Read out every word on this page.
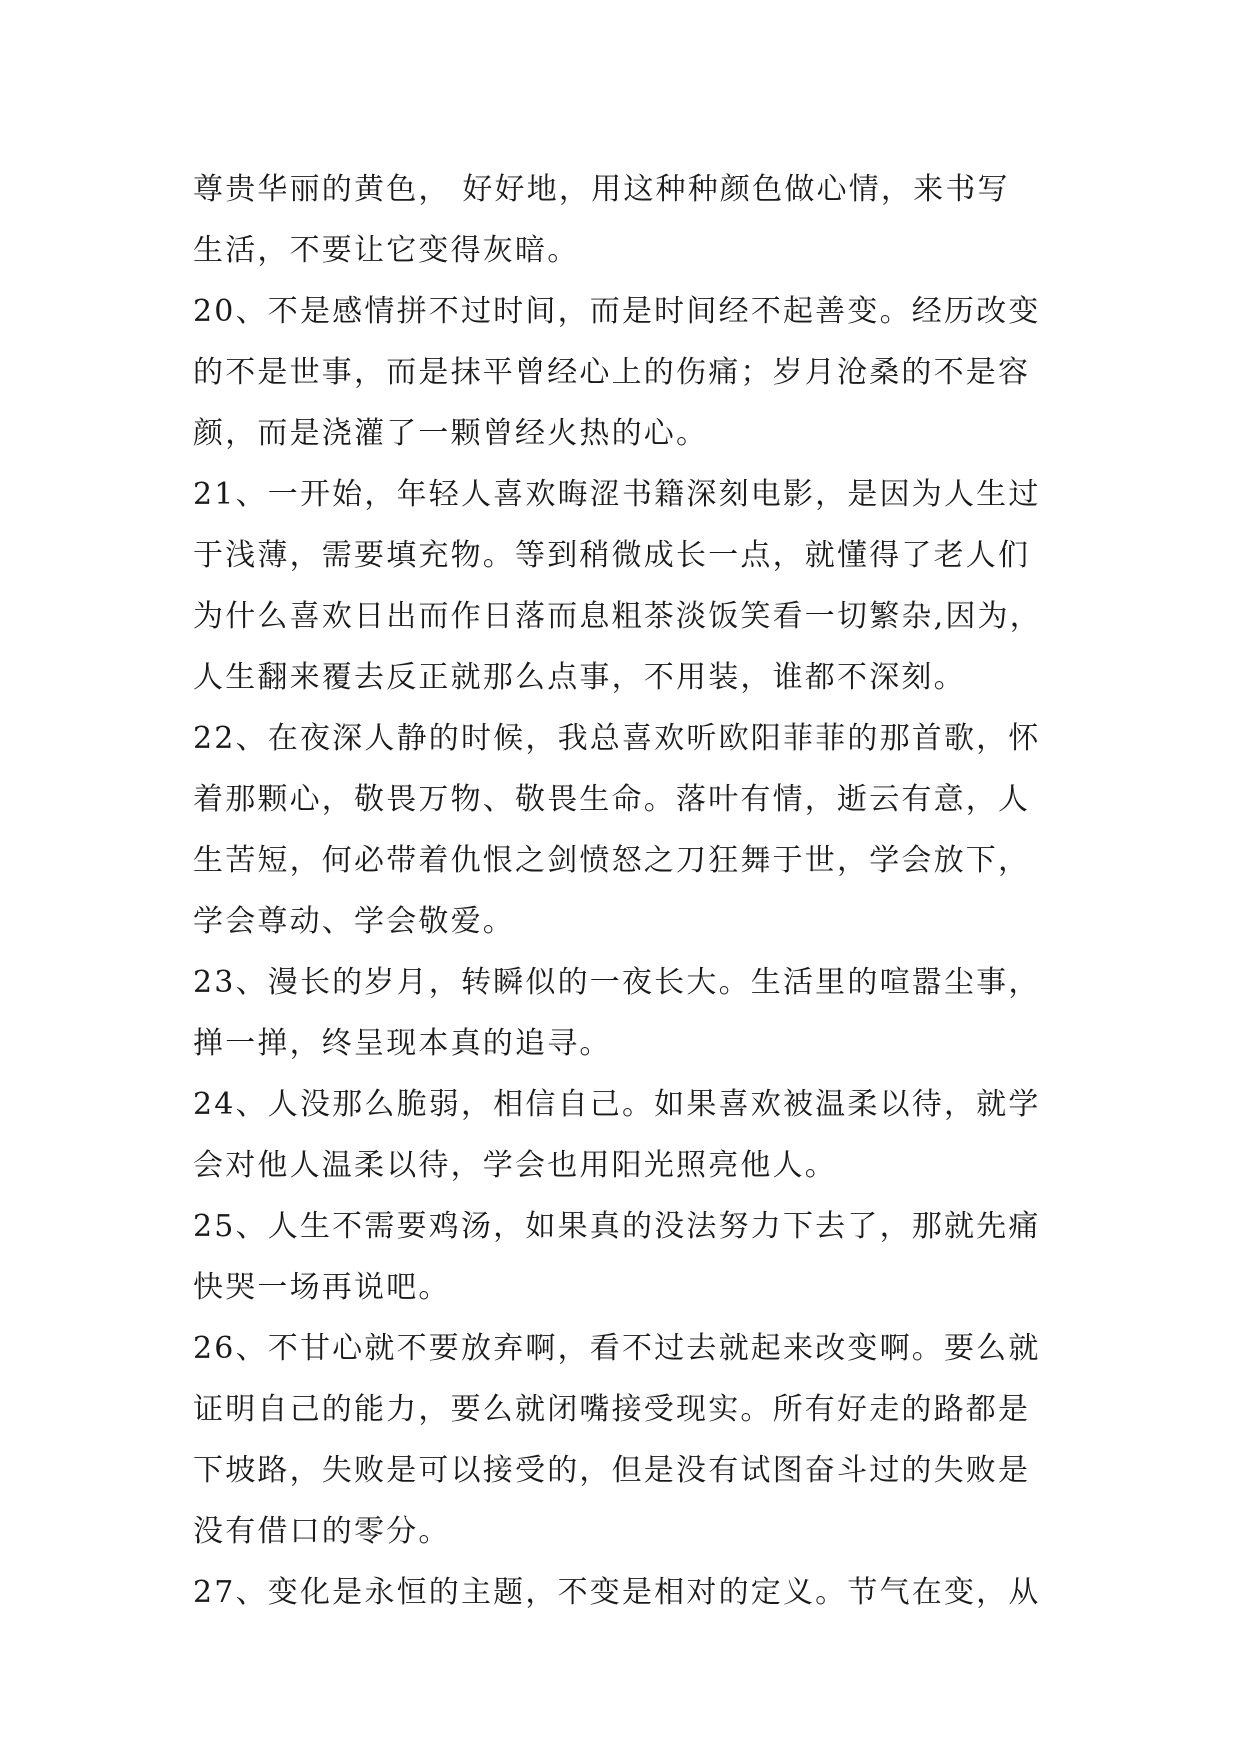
尊贵华丽的黄色， 好好地，用这种种颜色做心情，来书写
生活，不要让它变得灰暗。
20、不是感情拼不过时间，而是时间经不起善变。经历改变
的不是世事，而是抹平曾经心上的伤痛；岁月沧桑的不是容
颜，而是浇灌了一颗曾经火热的心。
21、一开始，年轻人喜欢晦涩书籍深刻电影，是因为人生过
于浅薄，需要填充物。等到稍微成长一点，就懂得了老人们
为什么喜欢日出而作日落而息粗茶淡饭笑看一切繁杂,因为，
人生翻来覆去反正就那么点事，不用装，谁都不深刻。
22、在夜深人静的时候，我总喜欢听欧阳菲菲的那首歌，怀
着那颗心，敬畏万物、敬畏生命。落叶有情，逝云有意，人
生苦短，何必带着仇恨之剑愤怒之刀狂舞于世，学会放下，
学会尊动、学会敬爱。
23、漫长的岁月，转瞬似的一夜长大。生活里的喧嚣尘事，
掸一掸，终呈现本真的追寻。
24、人没那么脆弱，相信自己。如果喜欢被温柔以待，就学
会对他人温柔以待，学会也用阳光照亮他人。
25、人生不需要鸡汤，如果真的没法努力下去了，那就先痛
快哭一场再说吧。
26、不甘心就不要放弃啊，看不过去就起来改变啊。要么就
证明自己的能力，要么就闭嘴接受现实。所有好走的路都是
下坡路，失败是可以接受的，但是没有试图奋斗过的失败是
没有借口的零分。
27、变化是永恒的主题，不变是相对的定义。节气在变，从
